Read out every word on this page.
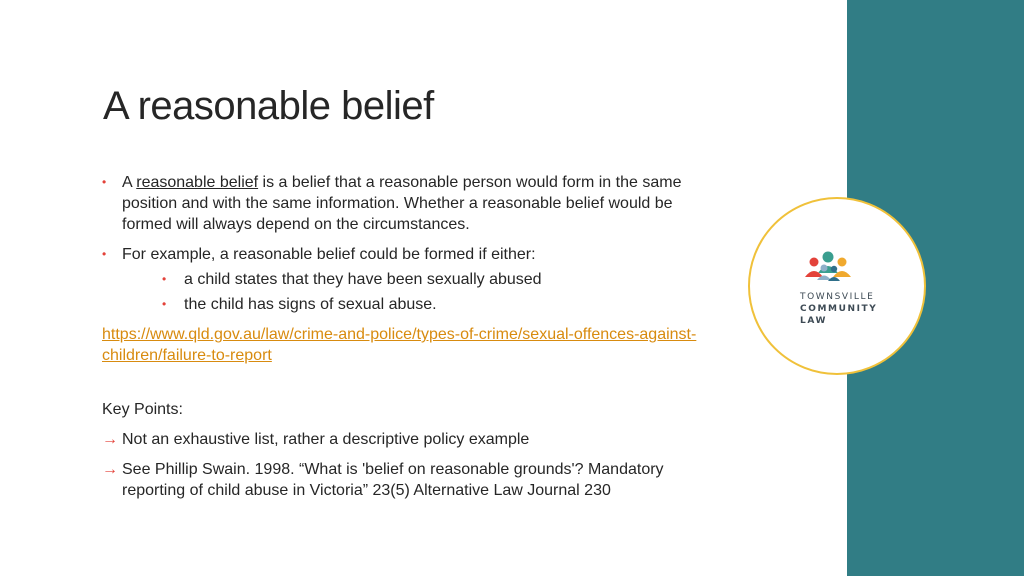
TOWNSVILLE
COMMUNITY
LAW
A reasonable belief
• A reasonable belief is a belief that a reasonable person would form in the same position and with the same information. Whether a reasonable belief would be formed will always depend on the circumstances.
• For example, a reasonable belief could be formed if either:
• a child states that they have been sexually abused
• the child has signs of sexual abuse.
https://www.qld.gov.au/law/crime-and-police/types-of-crime/sexual-offences-against-children/failure-to-report
Key Points:
→ Not an exhaustive list, rather a descriptive policy example
→ See Phillip Swain. 1998. “What is 'belief on reasonable grounds'? Mandatory reporting of child abuse in Victoria” 23(5) Alternative Law Journal 230
